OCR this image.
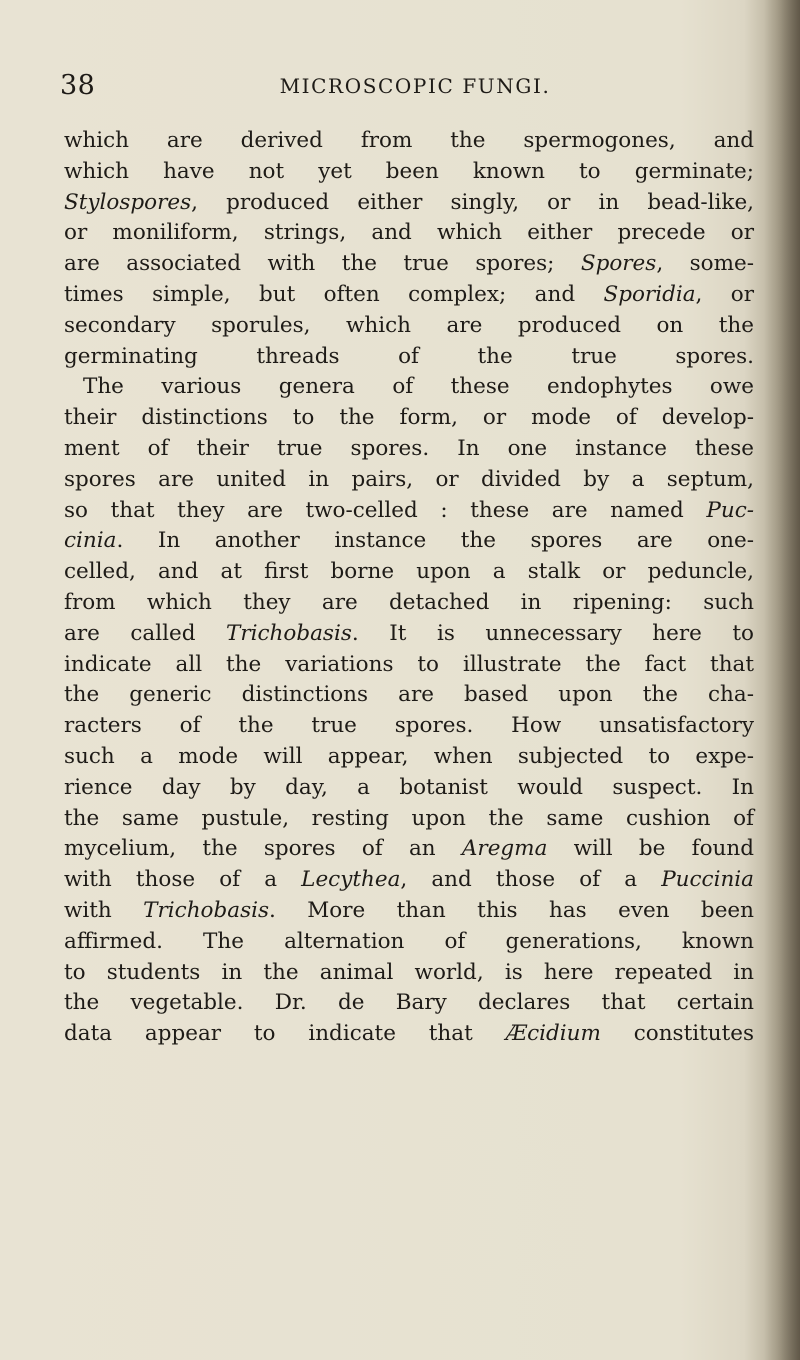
38	MICROSCOPIC FUNGI.
which are derived from the spermogones, and
which have not yet been known to germinate;
Stylospores, produced either singly, or in bead-like,
or moniliform, strings, and which either precede or
are associated with the true spores; Spores, some-
times simple, but often complex; and Sporidia, or
secondary sporules, which are produced on the
germinating threads of the true spores.
The various genera of these endophytes owe
their distinctions to the form, or mode of develop-
ment of their true spores. In one instance these
spores are united in pairs, or divided by a septum,
so that they are two-celled : these are named Puc-
cinia. In another instance the spores are one-
celled, and at first borne upon a stalk or peduncle,
from which they are detached in ripening: such
are called Trichobasis. It is unnecessary here to
indicate all the variations to illustrate the fact that
the generic distinctions are based upon the cha-
racters of the true spores. How unsatisfactory
such a mode will appear, when subjected to expe-
rience day by day, a botanist would suspect. In
the same pustule, resting upon the same cushion of
mycelium, the spores of an Aregma will be found
with those of a Lecythea, and those of a Puccinia
with Trichobasis. More than this has even been
affirmed. The alternation of generations, known
to students in the animal world, is here repeated in
the vegetable. Dr. de Bary declares that certain
data appear to indicate that Æcidium constitutes
